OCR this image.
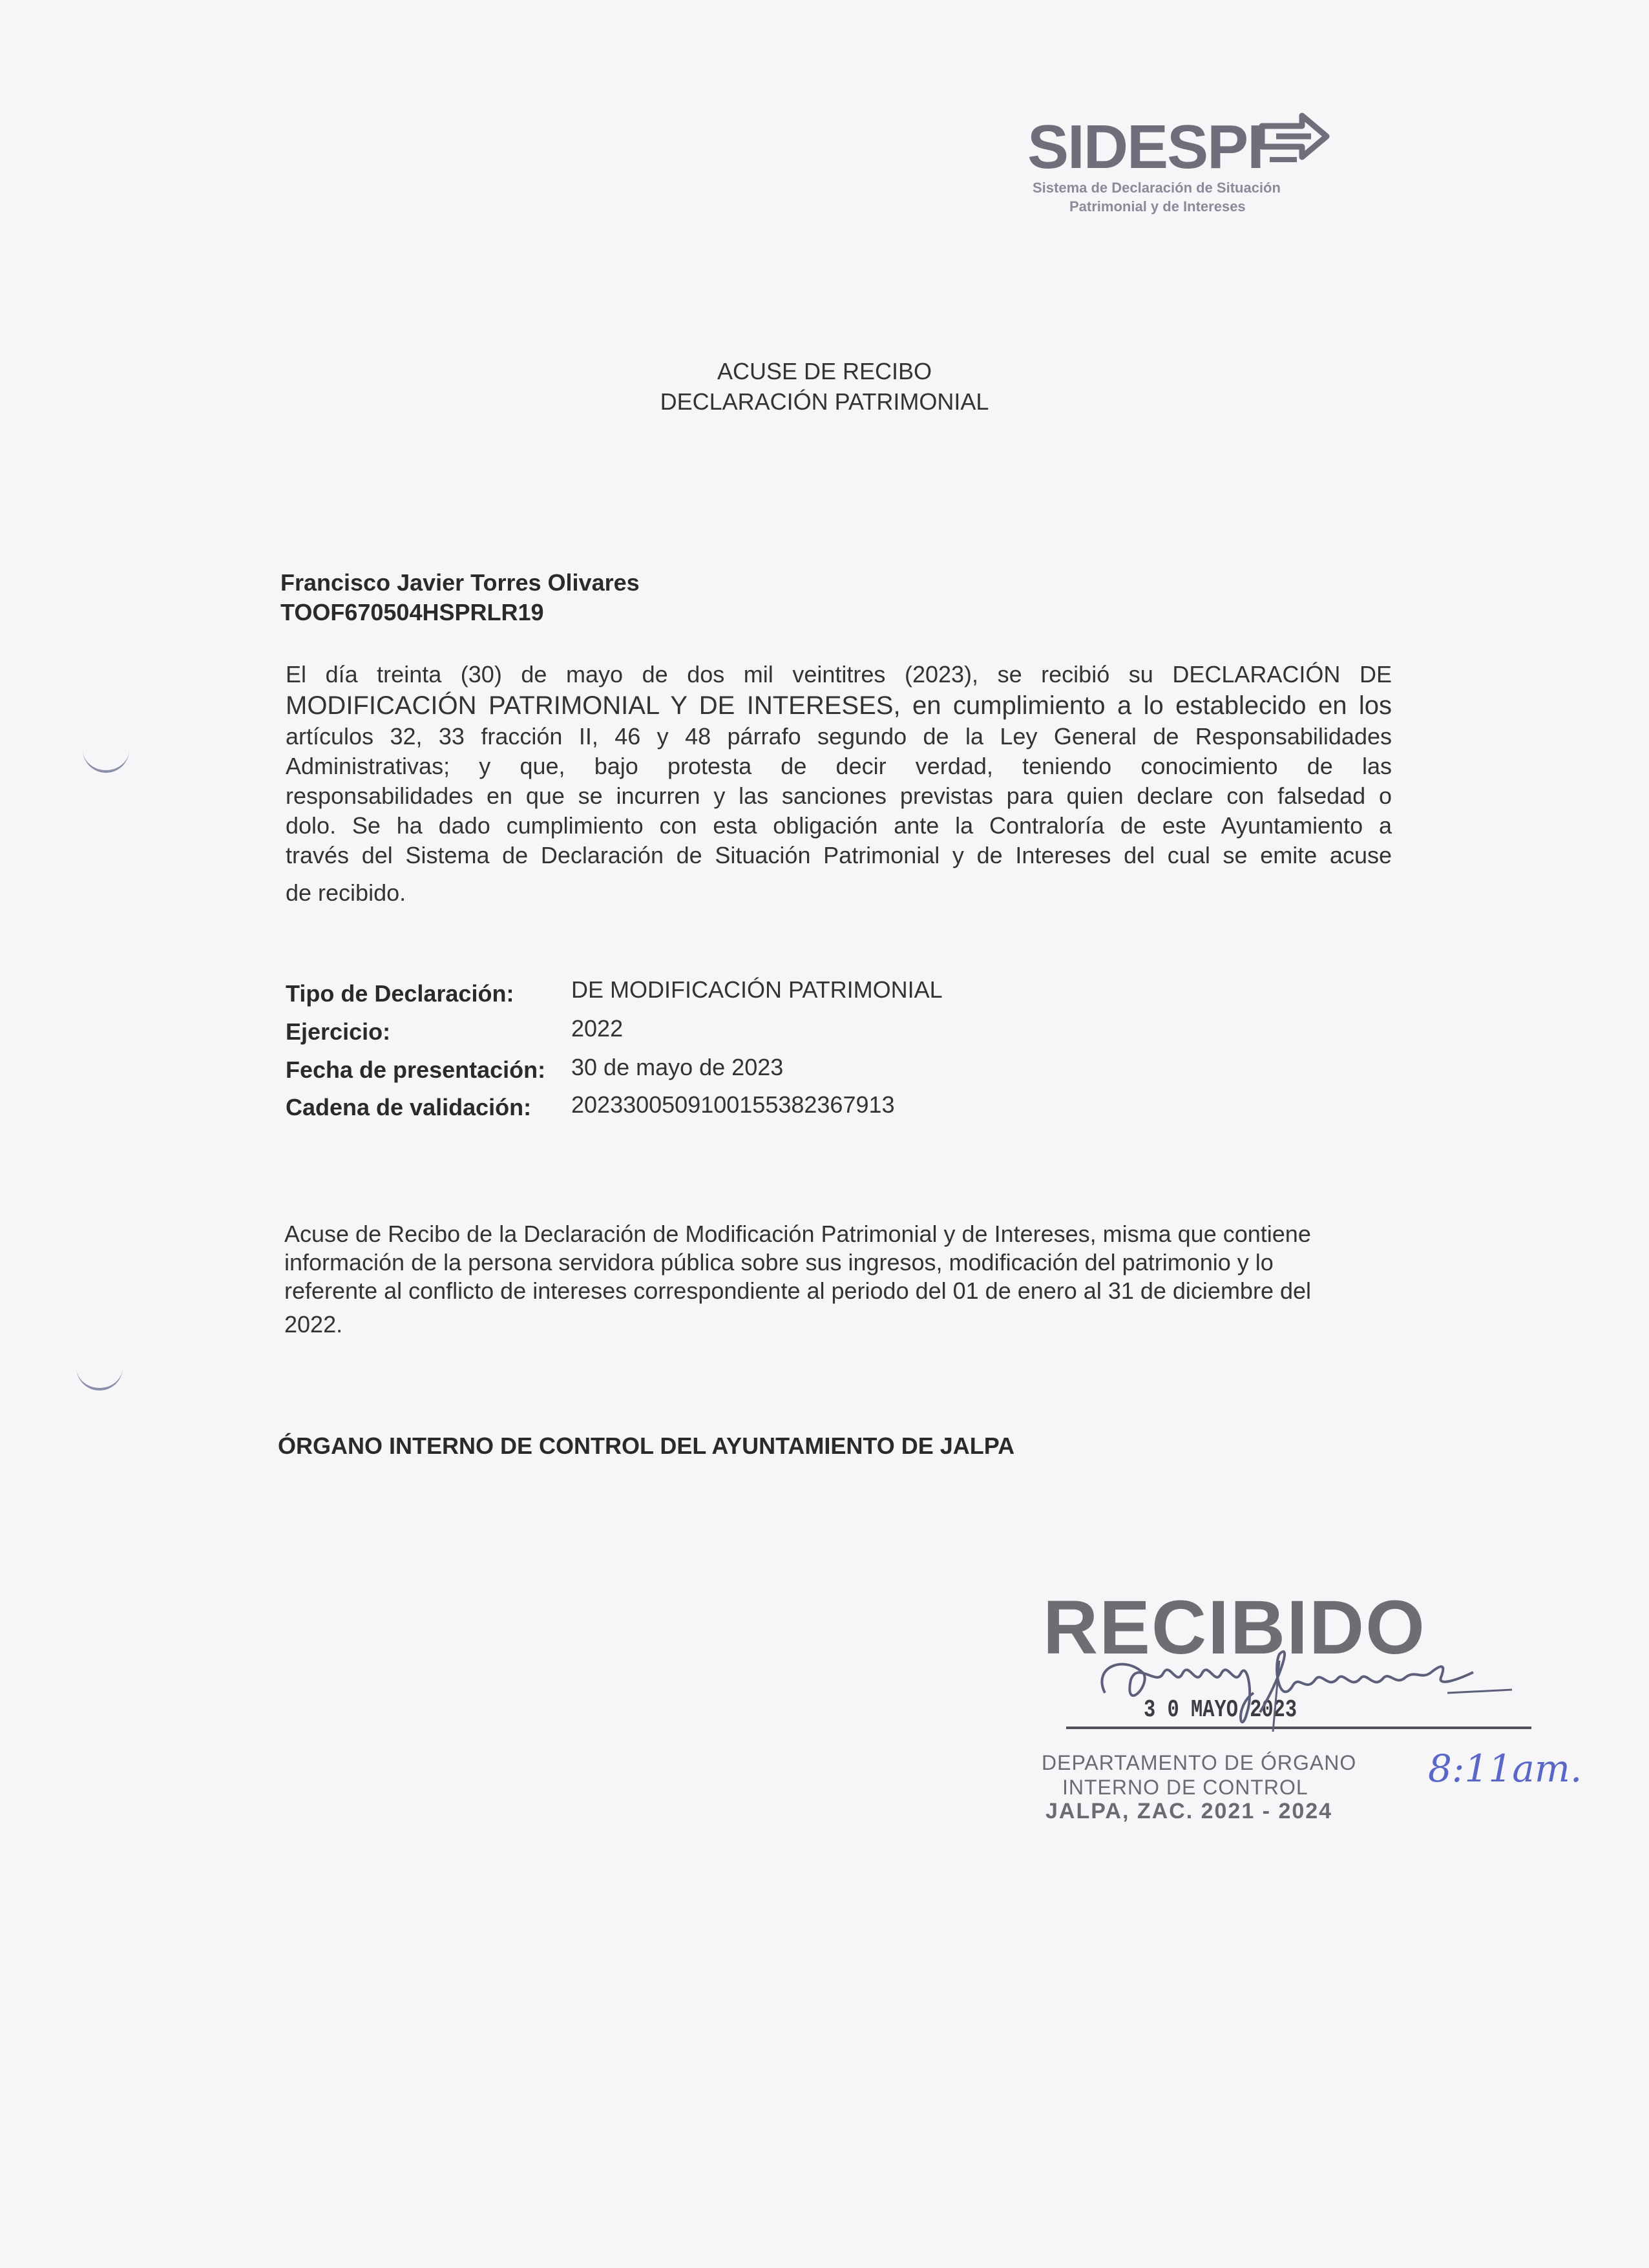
SIDESPI
Sistema de Declaración de Situación
Patrimonial y de Intereses
ACUSE DE RECIBO
DECLARACIÓN PATRIMONIAL
Francisco Javier Torres Olivares
TOOF670504HSPRLR19
El día treinta (30) de mayo de dos mil veintitres (2023), se recibió su DECLARACIÓN DE
MODIFICACIÓN PATRIMONIAL Y DE INTERESES, en cumplimiento a lo establecido en los
artículos 32, 33 fracción II, 46 y 48 párrafo segundo de la Ley General de Responsabilidades
Administrativas; y que, bajo protesta de decir verdad, teniendo conocimiento de las
responsabilidades en que se incurren y las sanciones previstas para quien declare con falsedad o
dolo. Se ha dado cumplimiento con esta obligación ante la Contraloría de este Ayuntamiento a
través del Sistema de Declaración de Situación Patrimonial y de Intereses del cual se emite acuse
de recibido.
Tipo de Declaración: DE MODIFICACIÓN PATRIMONIAL
Ejercicio:	2022
Fecha de presentación: 30 de mayo de 2023
Cadena de validación: 2023300509100155382367913
Acuse de Recibo de la Declaración de Modificación Patrimonial y de Intereses, misma que contiene
información de la persona servidora pública sobre sus ingresos, modificación del patrimonio y lo
referente al conflicto de intereses correspondiente al periodo del 01 de enero al 31 de diciembre del
2022.
ÓRGANO INTERNO DE CONTROL DEL AYUNTAMIENTO DE JALPA
RECIBIDO
3 0 MAYO 2023
DEPARTAMENTO DE ÓRGANO
INTERNO DE CONTROL
JALPA, ZAC. 2021 - 2024
8:11am.
